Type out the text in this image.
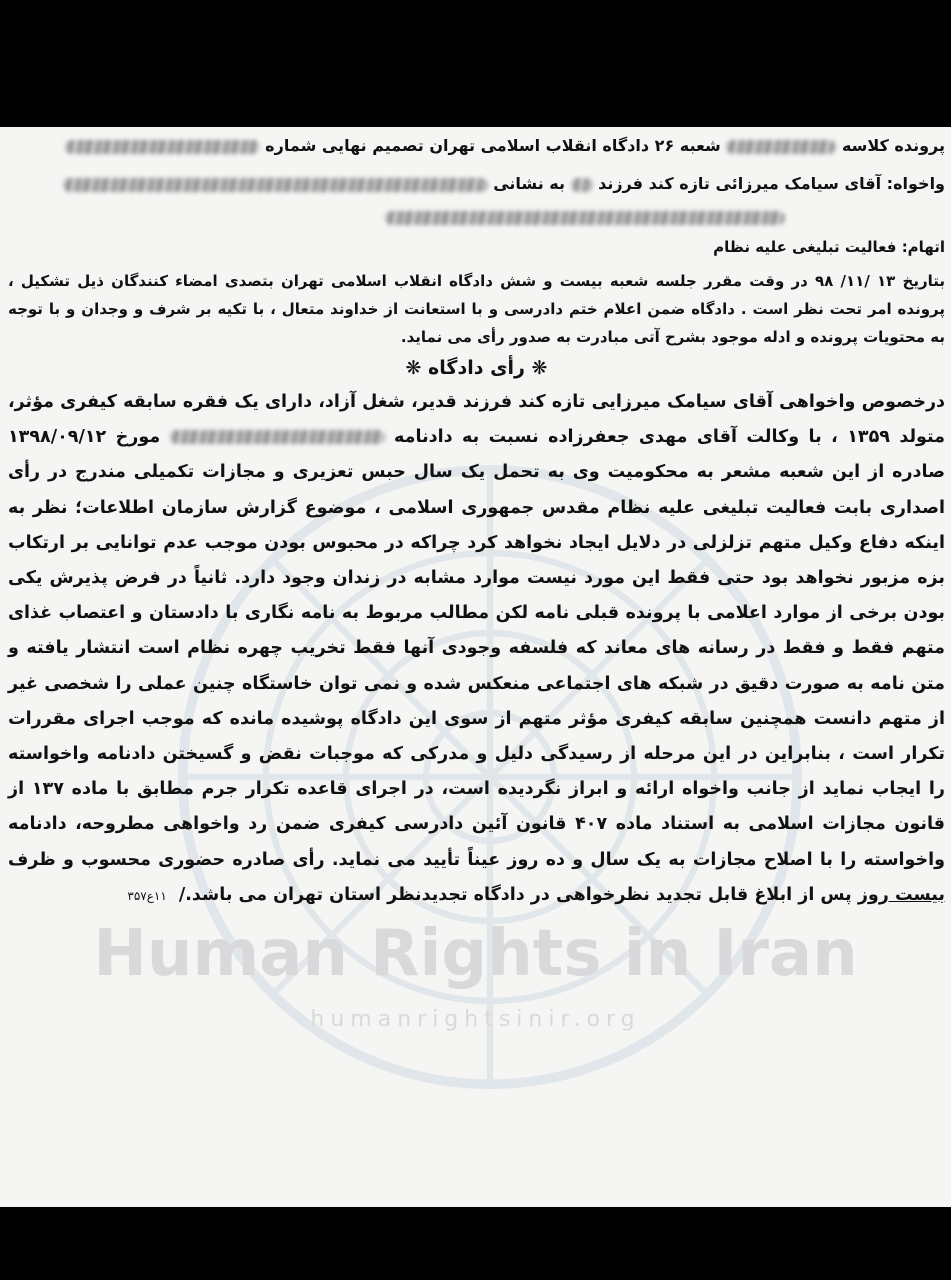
Human Rights in Iran
humanrightsinir.org
پرونده کلاسه  شعبه ۲۶ دادگاه انقلاب اسلامی تهران تصمیم نهایی شماره
واخواه: آقای سیامک میرزائی تازه کند فرزند  به نشانی
اتهام: فعالیت تبلیغی علیه نظام
بتاریخ ۱۳ /۱۱/ ۹۸ در وقت مقرر جلسه شعبه بیست و شش دادگاه انقلاب اسلامی تهران بتصدی امضاء کنندگان ذیل تشکیل ، پرونده امر تحت نظر است . دادگاه ضمن اعلام ختم دادرسی و با استعانت از خداوند متعال ، با تکیه بر شرف و وجدان و با توجه به محتویات پرونده و ادله موجود بشرح آتی مبادرت به صدور رأی می نماید.
❋ رأی دادگاه ❋
درخصوص واخواهی آقای سیامک میرزایی تازه کند فرزند قدیر، شغل آزاد، دارای یک فقره سابقه کیفری مؤثر، متولد ۱۳۵۹ ، با وکالت آقای مهدی جعفرزاده نسبت به دادنامه  مورخ ۱۳۹۸/۰۹/۱۲ صادره از این شعبه مشعر به محکومیت وی به تحمل یک سال حبس تعزیری و مجازات تکمیلی مندرج در رأی اصداری بابت فعالیت تبلیغی علیه نظام مقدس جمهوری اسلامی ، موضوع گزارش سازمان اطلاعات؛ نظر به اینکه دفاع وکیل متهم تزلزلی در دلایل ایجاد نخواهد کرد چراکه در محبوس بودن موجب عدم توانایی بر ارتکاب بزه مزبور نخواهد بود حتی فقط این مورد نیست موارد مشابه در زندان وجود دارد. ثانیاً در فرض پذیرش یکی بودن برخی از موارد اعلامی با پرونده قبلی نامه لکن مطالب مربوط به نامه نگاری با دادستان و اعتصاب غذای متهم فقط و فقط در رسانه های معاند که فلسفه وجودی آنها فقط تخریب چهره نظام است انتشار یافته و متن نامه به صورت دقیق در شبکه های اجتماعی منعکس شده و نمی توان خاستگاه چنین عملی را شخصی غیر از متهم دانست همچنین سابقه کیفری مؤثر متهم از سوی این دادگاه پوشیده مانده که موجب اجرای مقررات تکرار است ، بنابراین در این مرحله از رسیدگی دلیل و مدرکی که موجبات نقض و گسیختن دادنامه واخواسته را ایجاب نماید از جانب واخواه ارائه و ابراز نگردیده است، در اجرای قاعده تکرار جرم مطابق با ماده ۱۳۷ از قانون مجازات اسلامی به استناد ماده ۴۰۷ قانون آئین دادرسی کیفری ضمن رد واخواهی مطروحه، دادنامه واخواسته را با اصلاح مجازات به یک سال و ده روز عیناً تأیید می نماید. رأی صادره حضوری محسوب و ظرف بیست روز پس از ابلاغ قابل تجدید نظرخواهی در دادگاه تجدیدنظر استان تهران می باشد./ ۱۱ع۳۵۷
